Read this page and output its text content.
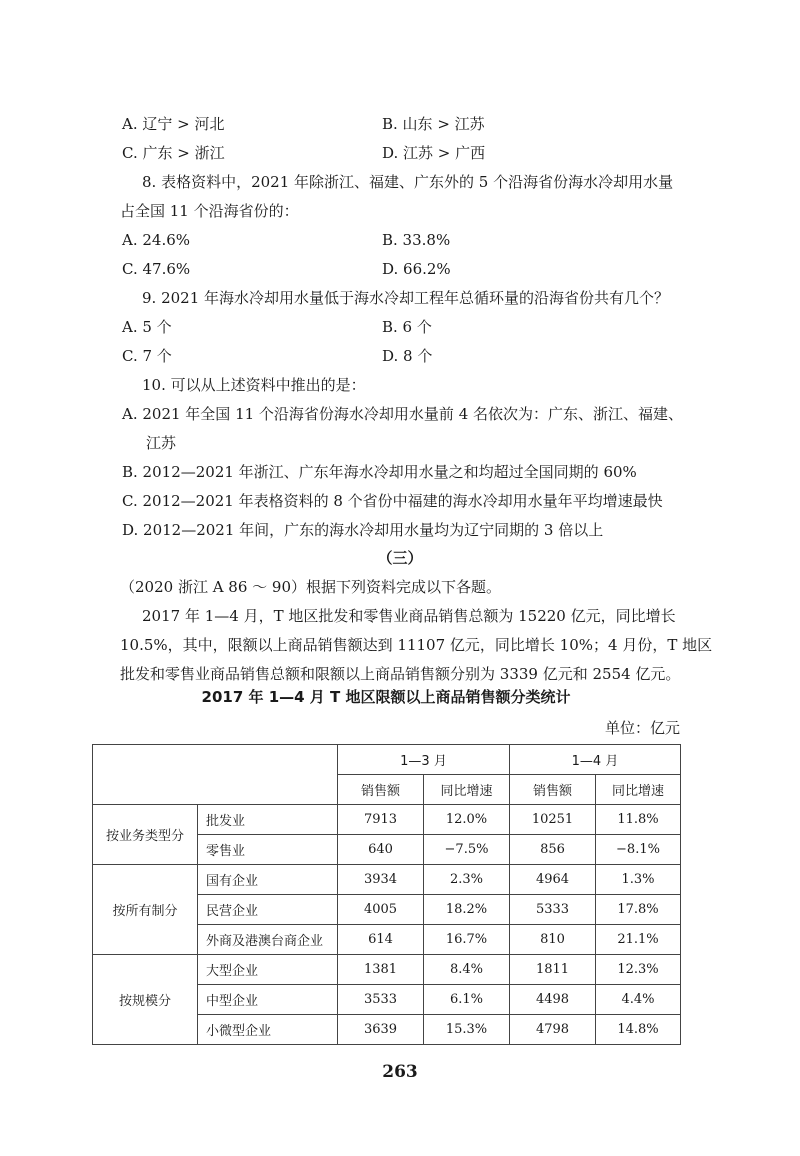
A. 辽宁 > 河北	B. 山东 > 江苏
C. 广东 > 浙江	D. 江苏 > 广西
8. 表格资料中，2021 年除浙江、福建、广东外的 5 个沿海省份海水冷却用水量
占全国 11 个沿海省份的：
A. 24.6%	B. 33.8%
C. 47.6%	D. 66.2%
9. 2021 年海水冷却用水量低于海水冷却工程年总循环量的沿海省份共有几个？
A. 5 个	B. 6 个
C. 7 个	D. 8 个
10. 可以从上述资料中推出的是：
A. 2021 年全国 11 个沿海省份海水冷却用水量前 4 名依次为：广东、浙江、福建、
江苏
B. 2012—2021 年浙江、广东年海水冷却用水量之和均超过全国同期的 60%
C. 2012—2021 年表格资料的 8 个省份中福建的海水冷却用水量年平均增速最快
D. 2012—2021 年间，广东的海水冷却用水量均为辽宁同期的 3 倍以上
（三）
（2020 浙江 A 86 ～ 90）根据下列资料完成以下各题。
2017 年 1—4 月，T 地区批发和零售业商品销售总额为 15220 亿元，同比增长
10.5%，其中，限额以上商品销售额达到 11107 亿元，同比增长 10%；4 月份，T 地区
批发和零售业商品销售总额和限额以上商品销售额分别为 3339 亿元和 2554 亿元。
2017 年 1—4 月 T 地区限额以上商品销售额分类统计
单位：亿元
		1—3 月		1—4 月	
		销售额	同比增速	销售额	同比增速
按业务类型分	批发业	7913	12.0%	10251	11.8%
	零售业	640	−7.5%	856	−8.1%
按所有制分	国有企业	3934	2.3%	4964	1.3%
	民营企业	4005	18.2%	5333	17.8%
	外商及港澳台商企业	614	16.7%	810	21.1%
按规模分	大型企业	1381	8.4%	1811	12.3%
	中型企业	3533	6.1%	4498	4.4%
	小微型企业	3639	15.3%	4798	14.8%
263
